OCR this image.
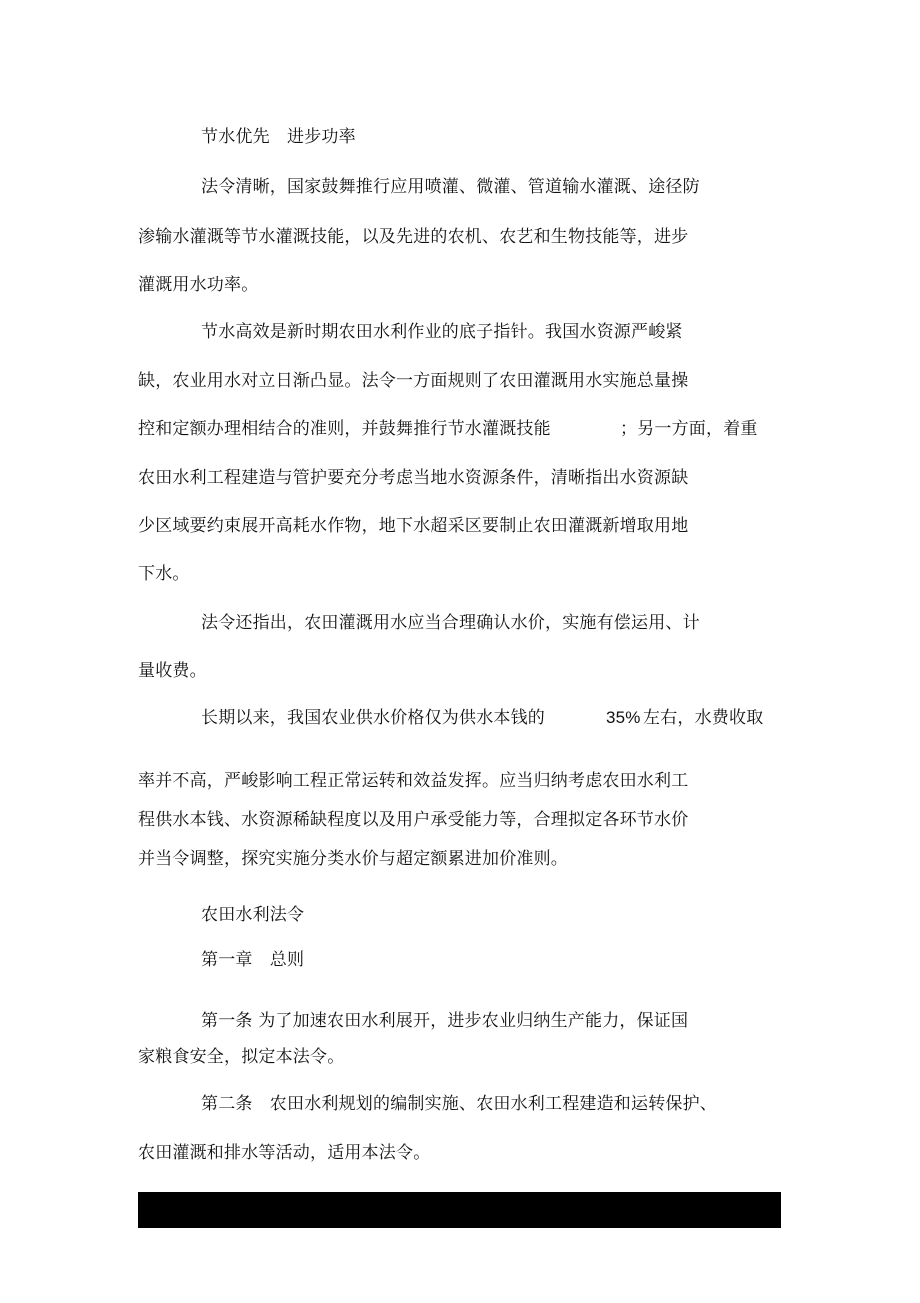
节水优先　进步功率

法令清晰，国家鼓舞推行应用喷灌、微灌、管道输水灌溉、途径防

渗输水灌溉等节水灌溉技能，以及先进的农机、农艺和生物技能等，进步

灌溉用水功率。

节水高效是新时期农田水利作业的底子指针。我国水资源严峻紧

缺，农业用水对立日渐凸显。法令一方面规则了农田灌溉用水实施总量操

控和定额办理相结合的准则，并鼓舞推行节水灌溉技能	；另一方面，着重

农田水利工程建造与管护要充分考虑当地水资源条件，清晰指出水资源缺

少区域要约束展开高耗水作物，地下水超采区要制止农田灌溉新增取用地

下水。

法令还指出，农田灌溉用水应当合理确认水价，实施有偿运用、计

量收费。

长期以来，我国农业供水价格仅为供水本钱的	35% 左右，水费收取

率并不高，严峻影响工程正常运转和效益发挥。应当归纳考虑农田水利工

程供水本钱、水资源稀缺程度以及用户承受能力等，合理拟定各环节水价

并当令调整，探究实施分类水价与超定额累进加价准则。

农田水利法令

第一章　总则

第一条 为了加速农田水利展开，进步农业归纳生产能力，保证国

家粮食安全，拟定本法令。

第二条　农田水利规划的编制实施、农田水利工程建造和运转保护、

农田灌溉和排水等活动，适用本法令。
